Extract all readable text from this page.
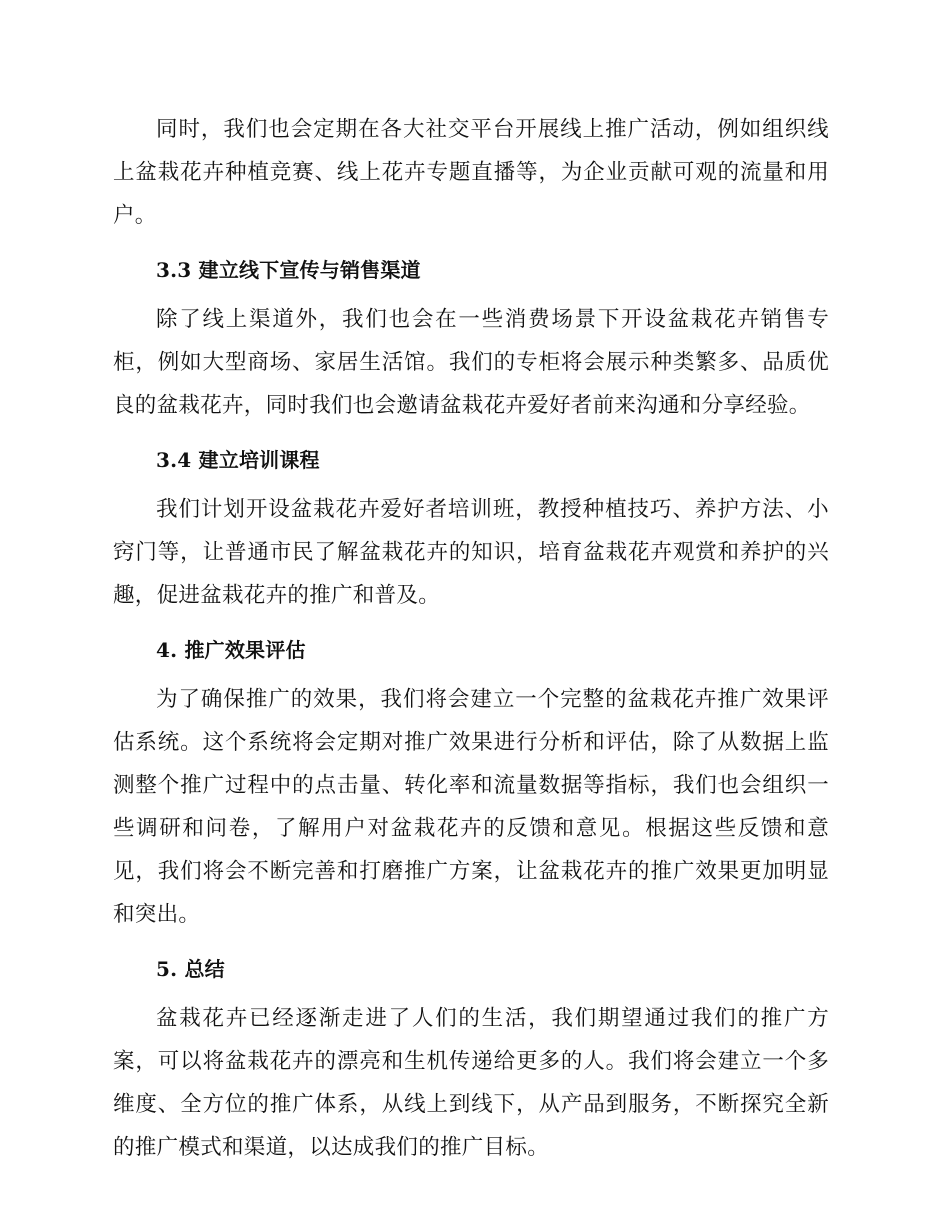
同时，我们也会定期在各大社交平台开展线上推广活动，例如组织线上盆栽花卉种植竞赛、线上花卉专题直播等，为企业贡献可观的流量和用户。

3.3 建立线下宣传与销售渠道

除了线上渠道外，我们也会在一些消费场景下开设盆栽花卉销售专柜，例如大型商场、家居生活馆。我们的专柜将会展示种类繁多、品质优良的盆栽花卉，同时我们也会邀请盆栽花卉爱好者前来沟通和分享经验。

3.4 建立培训课程

我们计划开设盆栽花卉爱好者培训班，教授种植技巧、养护方法、小窍门等，让普通市民了解盆栽花卉的知识，培育盆栽花卉观赏和养护的兴趣，促进盆栽花卉的推广和普及。

4. 推广效果评估

为了确保推广的效果，我们将会建立一个完整的盆栽花卉推广效果评估系统。这个系统将会定期对推广效果进行分析和评估，除了从数据上监测整个推广过程中的点击量、转化率和流量数据等指标，我们也会组织一些调研和问卷，了解用户对盆栽花卉的反馈和意见。根据这些反馈和意见，我们将会不断完善和打磨推广方案，让盆栽花卉的推广效果更加明显和突出。

5. 总结

盆栽花卉已经逐渐走进了人们的生活，我们期望通过我们的推广方案，可以将盆栽花卉的漂亮和生机传递给更多的人。我们将会建立一个多维度、全方位的推广体系，从线上到线下，从产品到服务，不断探究全新的推广模式和渠道，以达成我们的推广目标。
